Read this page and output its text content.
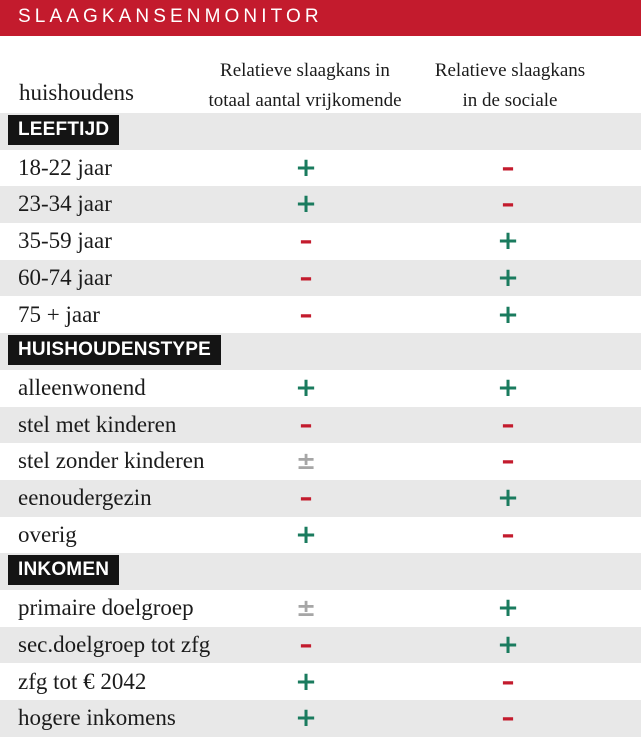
SLAAGKANSENMONITOR
huishoudens
Relatieve slaagkans in
totaal aantal vrijkomende

Relatieve slaagkans
in de sociale

LEEFTIJD
18-22 jaar	+	–
23-34 jaar	+	–
35-59 jaar	–	+
60-74 jaar	–	+
75 + jaar	–	+
HUISHOUDENSTYPE
alleenwonend	+	+
stel met kinderen	–	–
stel zonder kinderen	±	–
eenoudergezin	–	+
overig	+	–
INKOMEN
primaire doelgroep	±	+
sec.doelgroep tot zfg	–	+
zfg tot € 2042	+	–
hogere inkomens	+	–
